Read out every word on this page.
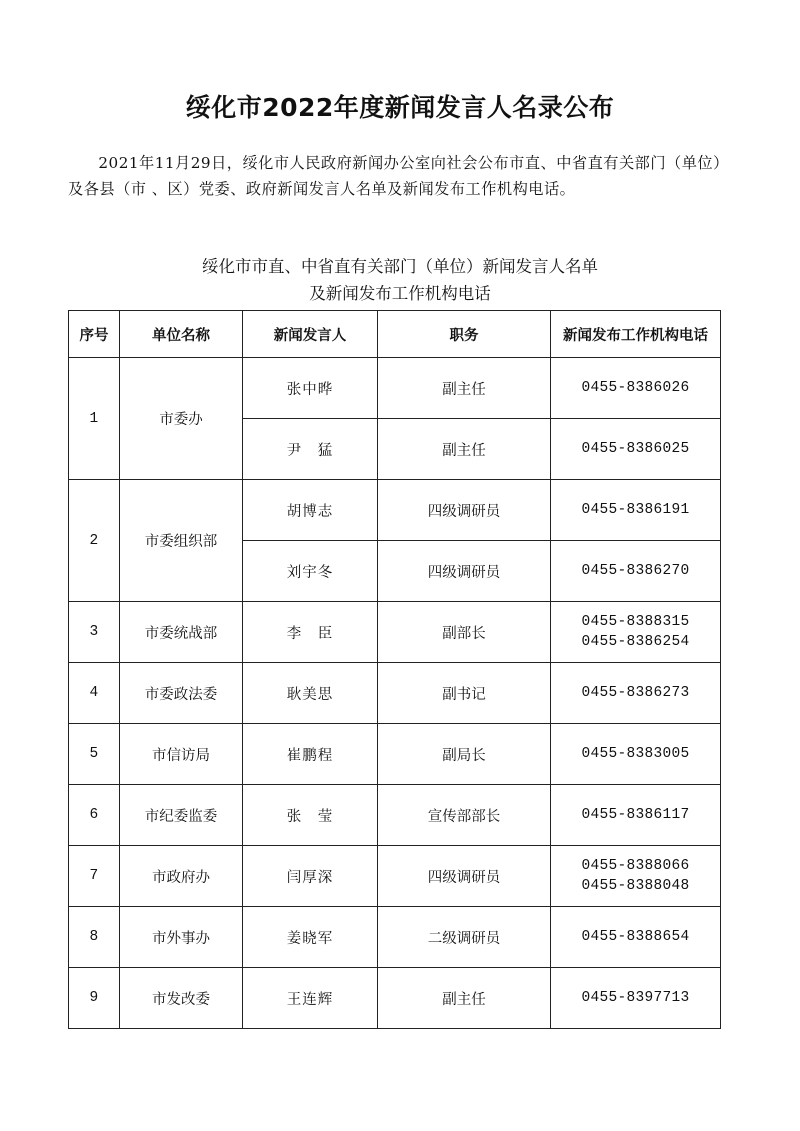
绥化市2022年度新闻发言人名录公布

2021年11月29日，绥化市人民政府新闻办公室向社会公布市直、中省直有关部门（单位）及各县（市 、区）党委、政府新闻发言人名单及新闻发布工作机构电话。

绥化市市直、中省直有关部门（单位）新闻发言人名单
及新闻发布工作机构电话
序号	单位名称	新闻发言人	职务	新闻发布工作机构电话
1	市委办	张中晔	副主任	0455-8386026

		尹　猛	副主任	0455-8386025

2	市委组织部	胡博志	四级调研员	0455-8386191

		刘宇冬	四级调研员	0455-8386270

3	市委统战部	李　臣	副部长	0455-8388315
0455-8386254

4	市委政法委	耿美思	副书记	0455-8386273

5	市信访局	崔鹏程	副局长	0455-8383005

6	市纪委监委	张　莹	宣传部部长	0455-8386117

7	市政府办	闫厚深	四级调研员	0455-8388066
0455-8388048

8	市外事办	姜晓军	二级调研员	0455-8388654

9	市发改委	王连辉	副主任	0455-8397713
